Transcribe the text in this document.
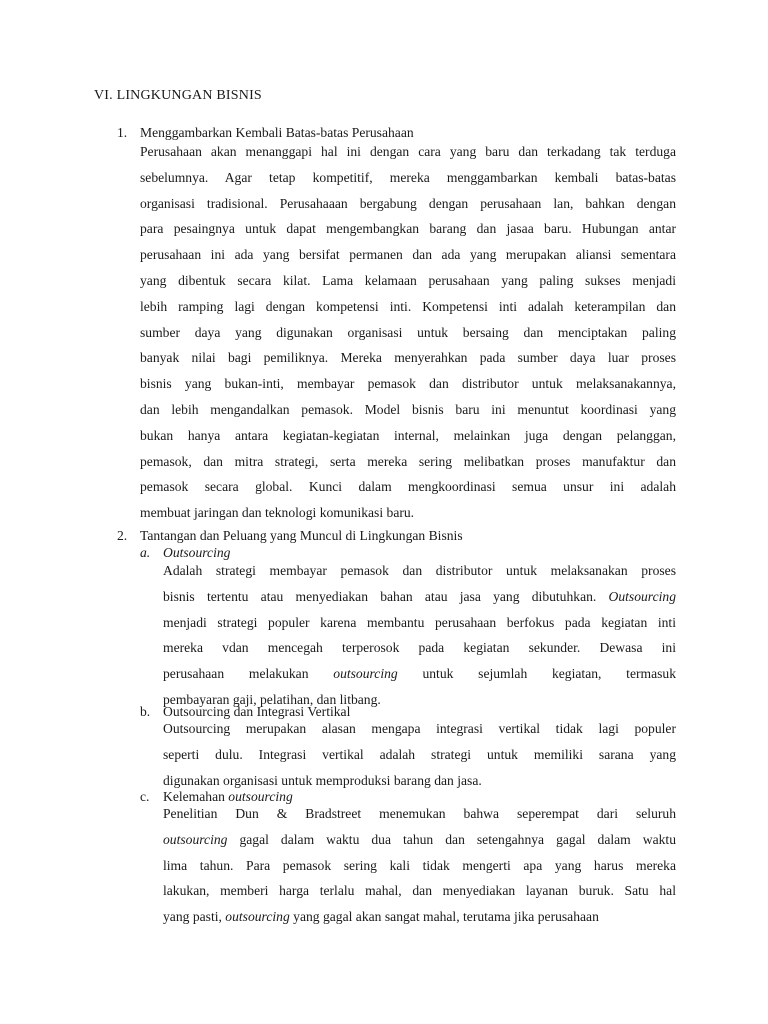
VI. LINGKUNGAN BISNIS
1. Menggambarkan Kembali Batas-batas Perusahaan
Perusahaan akan menanggapi hal ini dengan cara yang baru dan terkadang tak terduga
sebelumnya. Agar tetap kompetitif, mereka menggambarkan kembali batas-batas
organisasi tradisional. Perusahaaan bergabung dengan perusahaan lan, bahkan dengan
para pesaingnya untuk dapat mengembangkan barang dan jasaa baru. Hubungan antar
perusahaan ini ada yang bersifat permanen dan ada yang merupakan aliansi sementara
yang dibentuk secara kilat. Lama kelamaan perusahaan yang paling sukses menjadi
lebih ramping lagi dengan kompetensi inti. Kompetensi inti adalah keterampilan dan
sumber daya yang digunakan organisasi untuk bersaing dan menciptakan paling
banyak nilai bagi pemiliknya. Mereka menyerahkan pada sumber daya luar proses
bisnis yang bukan-inti, membayar pemasok dan distributor untuk melaksanakannya,
dan lebih mengandalkan pemasok. Model bisnis baru ini menuntut koordinasi yang
bukan hanya antara kegiatan-kegiatan internal, melainkan juga dengan pelanggan,
pemasok, dan mitra strategi, serta mereka sering melibatkan proses manufaktur dan
pemasok secara global. Kunci dalam mengkoordinasi semua unsur ini adalah
membuat jaringan dan teknologi komunikasi baru.
2. Tantangan dan Peluang yang Muncul di Lingkungan Bisnis
a. Outsourcing
Adalah strategi membayar pemasok dan distributor untuk melaksanakan proses
bisnis tertentu atau menyediakan bahan atau jasa yang dibutuhkan. Outsourcing
menjadi strategi populer karena membantu perusahaan berfokus pada kegiatan inti
mereka vdan mencegah terperosok pada kegiatan sekunder. Dewasa ini
perusahaan melakukan outsourcing untuk sejumlah kegiatan, termasuk
pembayaran gaji, pelatihan, dan litbang.
b. Outsourcing dan Integrasi Vertikal
Outsourcing merupakan alasan mengapa integrasi vertikal tidak lagi populer
seperti dulu. Integrasi vertikal adalah strategi untuk memiliki sarana yang
digunakan organisasi untuk memproduksi barang dan jasa.
c. Kelemahan outsourcing
Penelitian Dun & Bradstreet menemukan bahwa seperempat dari seluruh
outsourcing gagal dalam waktu dua tahun dan setengahnya gagal dalam waktu
lima tahun. Para pemasok sering kali tidak mengerti apa yang harus mereka
lakukan, memberi harga terlalu mahal, dan menyediakan layanan buruk. Satu hal
yang pasti, outsourcing yang gagal akan sangat mahal, terutama jika perusahaan
